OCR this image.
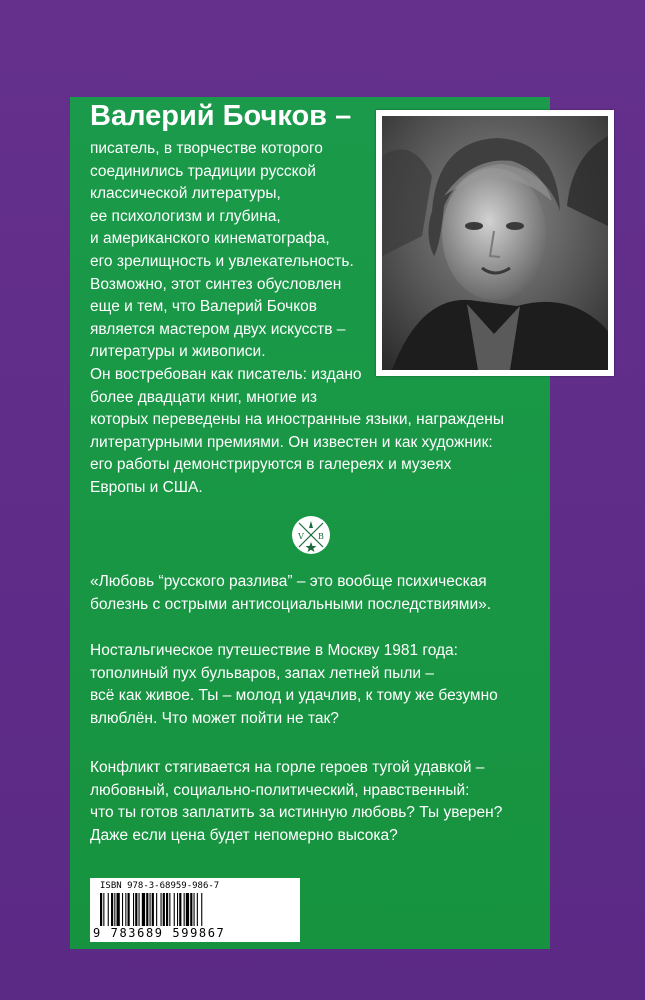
Валерий Бочков –
писатель, в творчестве которого
соединились традиции русской
классической литературы,
ее психологизм и глубина,
и американского кинематографа,
его зрелищность и увлекательность.
Возможно, этот синтез обусловлен
еще и тем, что Валерий Бочков
является мастером двух искусств –
литературы и живописи.
Он востребован как писатель: издано
более двадцати книг, многие из
которых переведены на иностранные языки, награждены
литературными премиями. Он известен и как художник:
его работы демонстрируются в галереях и музеях
Европы и США.
V B
«Любовь “русского разлива” – это вообще психическая
болезнь с острыми антисоциальными последствиями».
Ностальгическое путешествие в Москву 1981 года:
тополиный пух бульваров, запах летней пыли –
всё как живое. Ты – молод и удачлив, к тому же безумно
влюблён. Что может пойти не так?
Конфликт стягивается на горле героев тугой удавкой –
любовный, социально-политический, нравственный:
что ты готов заплатить за истинную любовь? Ты уверен?
Даже если цена будет непомерно высока?
ISBN 978-3-68959-986-7
9 783689 599867
